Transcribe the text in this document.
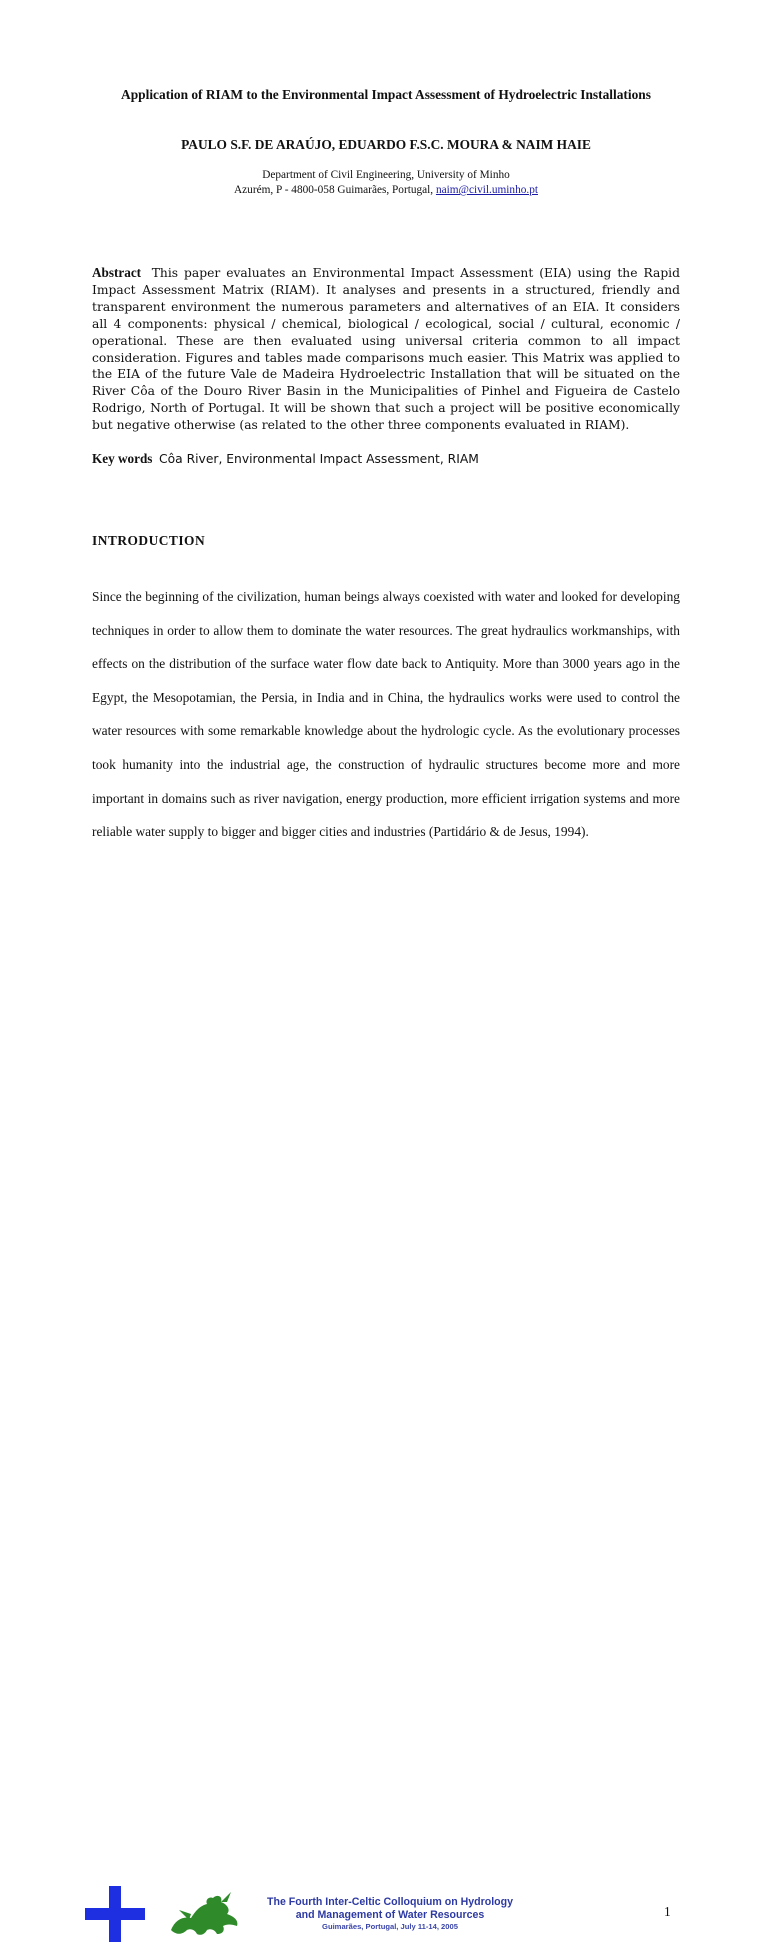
Application of RIAM to the Environmental Impact Assessment of Hydroelectric Installations
PAULO S.F. DE ARAÚJO, EDUARDO F.S.C. MOURA & NAIM HAIE
Department of Civil Engineering, University of Minho
Azurém, P - 4800-058 Guimarães, Portugal, naim@civil.uminho.pt
Abstract This paper evaluates an Environmental Impact Assessment (EIA) using the Rapid Impact Assessment Matrix (RIAM). It analyses and presents in a structured, friendly and transparent environment the numerous parameters and alternatives of an EIA. It considers all 4 components: physical / chemical, biological / ecological, social / cultural, economic / operational. These are then evaluated using universal criteria common to all impact consideration. Figures and tables made comparisons much easier. This Matrix was applied to the EIA of the future Vale de Madeira Hydroelectric Installation that will be situated on the River Côa of the Douro River Basin in the Municipalities of Pinhel and Figueira de Castelo Rodrigo, North of Portugal. It will be shown that such a project will be positive economically but negative otherwise (as related to the other three components evaluated in RIAM).
Key words Côa River, Environmental Impact Assessment, RIAM
INTRODUCTION
Since the beginning of the civilization, human beings always coexisted with water and looked for developing techniques in order to allow them to dominate the water resources. The great hydraulics workmanships, with effects on the distribution of the surface water flow date back to Antiquity. More than 3000 years ago in the Egypt, the Mesopotamian, the Persia, in India and in China, the hydraulics works were used to control the water resources with some remarkable knowledge about the hydrologic cycle. As the evolutionary processes took humanity into the industrial age, the construction of hydraulic structures become more and more important in domains such as river navigation, energy production, more efficient irrigation systems and more reliable water supply to bigger and bigger cities and industries (Partidário & de Jesus, 1994).
The Fourth Inter-Celtic Colloquium on Hydrology
and Management of Water Resources
Guimarães, Portugal, July 11-14, 2005
1
